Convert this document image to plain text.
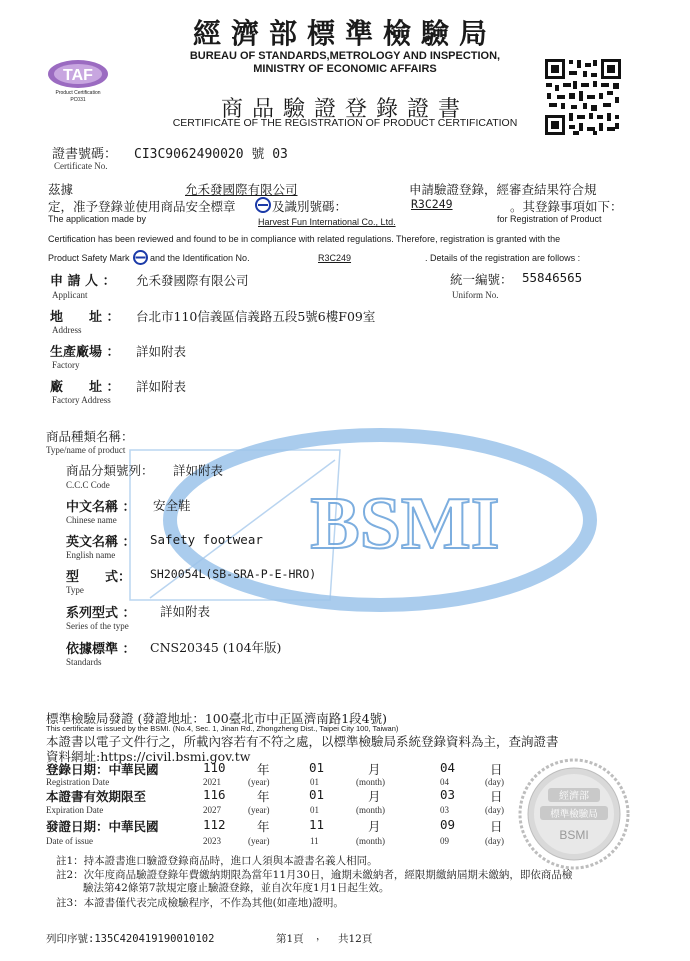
BSMI
經濟部標準檢驗局
BUREAU OF STANDARDS,METROLOGY AND INSPECTION,
MINISTRY OF ECONOMIC AFFAIRS
TAF
Product Certification
PC031	商品驗證登錄證書
CERTIFICATE OF THE REGISTRATION OF PRODUCT CERTIFICATION
證書號碼： CI3C9062490020 號 03
Certificate No.
茲據	允禾發國際有限公司	申請驗證登錄，經審查結果符合規
定，准予登錄並使用商品安全標章	及識別號碼：	R3C249	。其登錄事項如下：
The application made by	Harvest Fun International Co., Ltd.	for Registration of Product
Certification has been reviewed and found to be in compliance with related regulations. Therefore, registration is granted with the
Product Safety Mark and the Identification No.	R3C249	. Details of the registration are follows :
申 請 人 ： 允禾發國際有限公司
Applicant
統一編號： 55846565
Uniform No.
地　　址 ： 台北市110信義區信義路五段5號6樓F09室
Address
生產廠場 ： 詳如附表
Factory
廠　　址 ： 詳如附表
Factory Address
商品種類名稱：
Type/name of product
商品分類號列： 詳如附表
C.C.C Code
中文名稱 ： 安全鞋
Chinese name
英文名稱 ： Safety footwear
English name
型　　式： SH20054L(SB-SRA-P-E-HRO)
Type
系列型式 ： 詳如附表
Series of the type
依據標準 ： CNS20345 (104年版)
Standards
標準檢驗局發證 (發證地址：100臺北市中正區濟南路1段4號)
This certificate is issued by the BSMI. (No.4, Sec. 1, Jinan Rd., Zhongzheng Dist., Taipei City 100, Taiwan)
本證書以電子文件行之，所載內容若有不符之處，以標準檢驗局系統登錄資料為主，查詢證書
資料網址:https://civil.bsmi.gov.tw
登錄日期：中華民國	110	年	01	月	04	日
Registration Date	2021	(year)	01	(month)	04	(day)
本證書有效期限至	116	年	01	月	03	日
Expiration Date	2027	(year)	01	(month)	03	(day)
發證日期：中華民國	112	年	11	月	09	日
Date of issue	2023	(year)	11	(month)	09	(day)
經濟部
標準檢驗局
BSMI
註1：持本證書進口驗證登錄商品時，進口人須與本證書名義人相同。
註2：次年度商品驗證登錄年費繳納期限為當年11月30日，逾期未繳納者，經限期繳納屆期未繳納，即依商品檢
驗法第42條第7款規定廢止驗證登錄，並自次年度1月1日起生效。
註3：本證書僅代表完成檢驗程序，不作為其他(如產地)證明。
列印序號:135C420419190010102	第1頁 ， 共12頁
